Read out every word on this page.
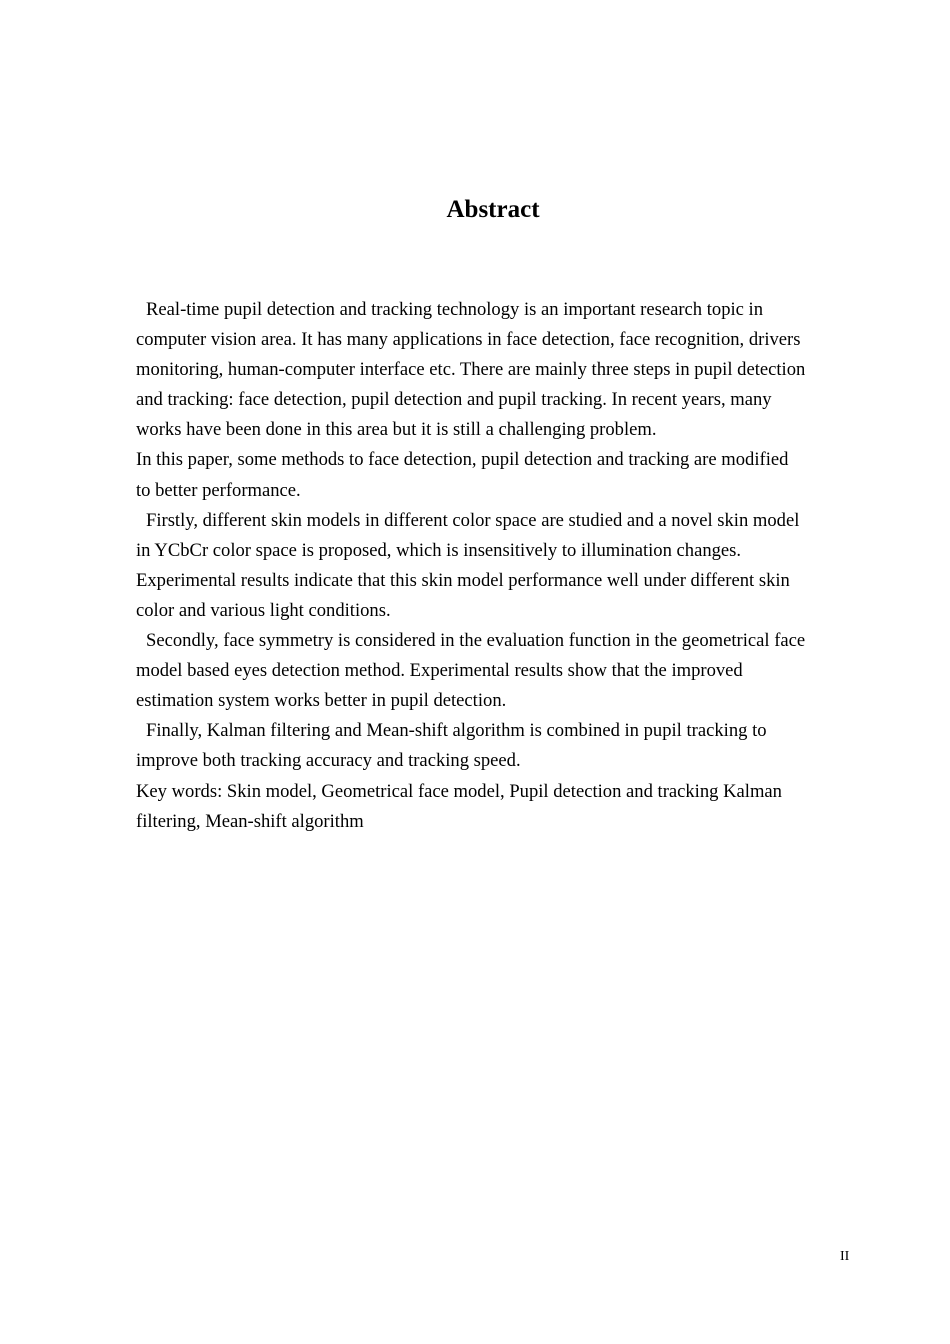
Abstract

Real-time pupil detection and tracking technology is an important research topic in computer vision area. It has many applications in face detection, face recognition, drivers monitoring, human-computer interface etc. There are mainly three steps in pupil detection and tracking: face detection, pupil detection and pupil tracking. In recent years, many works have been done in this area but it is still a challenging problem.

In this paper, some methods to face detection, pupil detection and tracking are modified to better performance.

Firstly, different skin models in different color space are studied and a novel skin model in YCbCr color space is proposed, which is insensitively to illumination changes. Experimental results indicate that this skin model performance well under different skin color and various light conditions.

Secondly, face symmetry is considered in the evaluation function in the geometrical face model based eyes detection method. Experimental results show that the improved estimation system works better in pupil detection.

Finally, Kalman filtering and Mean-shift algorithm is combined in pupil tracking to improve both tracking accuracy and tracking speed.

Key words: Skin model, Geometrical face model, Pupil detection and tracking Kalman filtering, Mean-shift algorithm

II
